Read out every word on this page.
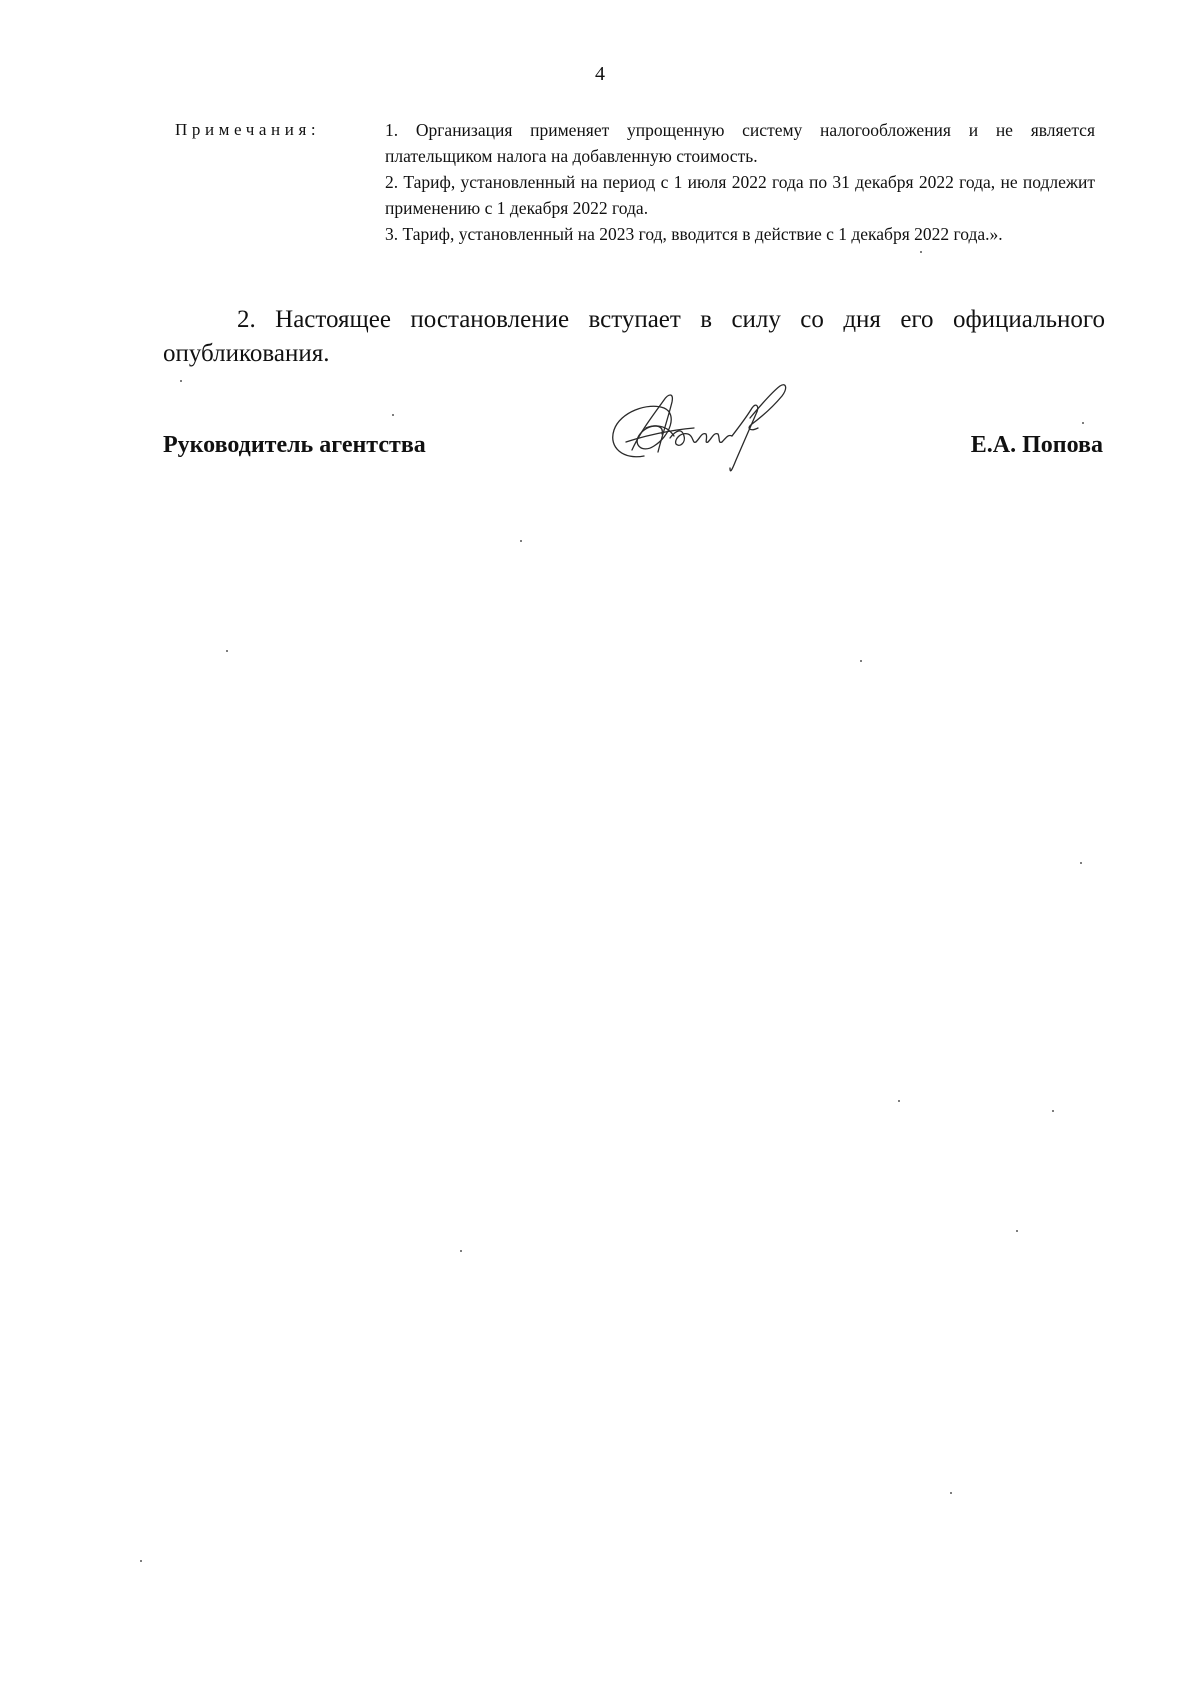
4
Примечания:	1. Организация применяет упрощенную систему налогообложения и не является плательщиком налога на добавленную стоимость.

2. Тариф, установленный на период с 1 июля 2022 года по 31 декабря 2022 года, не подлежит применению с 1 декабря 2022 года.

3. Тариф, установленный на 2023 год, вводится в действие с 1 декабря 2022 года.».

2. Настоящее постановление вступает в силу со дня его официального опубликования.

Руководитель агентства	Е.А. Попова
